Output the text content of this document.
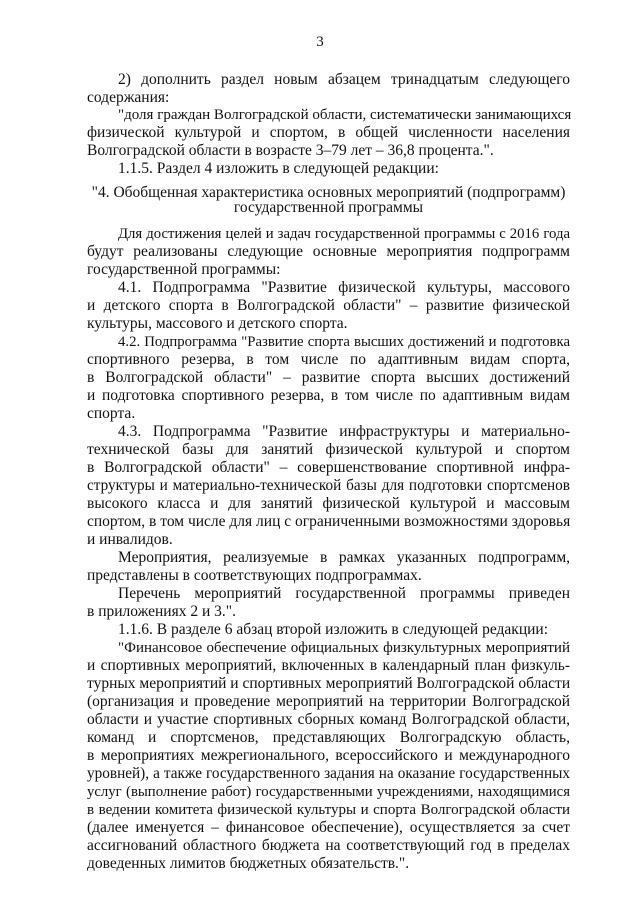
3
2) дополнить раздел новым абзацем тринадцатым следующего
содержания:
"доля граждан Волгоградской области, систематически занимающихся
физической культурой и спортом, в общей численности населения
Волгоградской области в возрасте 3–79 лет – 36,8 процента.".
1.1.5. Раздел 4 изложить в следующей редакции:
"4. Обобщенная характеристика основных мероприятий (подпрограмм)
государственной программы
Для достижения целей и задач государственной программы с 2016 года
будут реализованы следующие основные мероприятия подпрограмм
государственной программы:
4.1. Подпрограмма "Развитие физической культуры, массового
и детского спорта в Волгоградской области" – развитие физической
культуры, массового и детского спорта.
4.2. Подпрограмма "Развитие спорта высших достижений и подготовка
спортивного резерва, в том числе по адаптивным видам спорта,
в Волгоградской области" – развитие спорта высших достижений
и подготовка спортивного резерва, в том числе по адаптивным видам
спорта.
4.3. Подпрограмма "Развитие инфраструктуры и материально-
технической базы для занятий физической культурой и спортом
в Волгоградской области" – совершенствование спортивной инфра-
структуры и материально-технической базы для подготовки спортсменов
высокого класса и для занятий физической культурой и массовым
спортом, в том числе для лиц с ограниченными возможностями здоровья
и инвалидов.
Мероприятия, реализуемые в рамках указанных подпрограмм,
представлены в соответствующих подпрограммах.
Перечень мероприятий государственной программы приведен
в приложениях 2 и 3.".
1.1.6. В разделе 6 абзац второй изложить в следующей редакции:
"Финансовое обеспечение официальных физкультурных мероприятий
и спортивных мероприятий, включенных в календарный план физкуль-
турных мероприятий и спортивных мероприятий Волгоградской области
(организация и проведение мероприятий на территории Волгоградской
области и участие спортивных сборных команд Волгоградской области,
команд и спортсменов, представляющих Волгоградскую область,
в мероприятиях межрегионального, всероссийского и международного
уровней), а также государственного задания на оказание государственных
услуг (выполнение работ) государственными учреждениями, находящимися
в ведении комитета физической культуры и спорта Волгоградской области
(далее именуется – финансовое обеспечение), осуществляется за счет
ассигнований областного бюджета на соответствующий год в пределах
доведенных лимитов бюджетных обязательств.".
